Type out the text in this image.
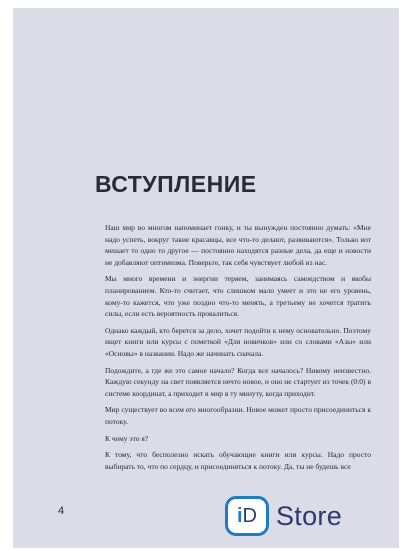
ВСТУПЛЕНИЕ

Наш мир во многом напоминает гонку, и ты вынужден постоянно думать: «Мне надо успеть, вокруг такие красавцы, все что-то делают, развиваются». Только вот мешает то одно то другое — постоянно находятся разные дела, да еще и новости не добавляют оптимизма. Поверьте, так себя чувствует любой из нас.

Мы много времени и энергии теряем, занимаясь самоедством и якобы планированием. Кто-то считает, что слишком мало умеет и это не его уровень, кому-то кажется, что уже поздно что-то менять, а третьему не хочется тратить силы, если есть вероятность провалиться.

Однако каждый, кто берется за дело, хочет подойти к нему основательно. Поэтому ищет книги или курсы с пометкой «Для новичков» или со словами «Азы» или «Основы» в названии. Надо же начинать сначала.

Подождите, а где же это самое начало? Когда все началось? Никому неизвестно. Каждую секунду на свет появляется нечто новое, и оно не стартует из точек (0:0) в системе координат, а приходит в мир в ту минуту, когда приходит.

Мир существует во всем его многообразии. Новое может просто присоединиться к потоку.

К чему это я?

К тому, что бесполезно искать обучающие книги или курсы. Надо просто выбирать то, что по сердцу, и присоединяться к потоку. Да, ты не будешь все

4	i D Store
